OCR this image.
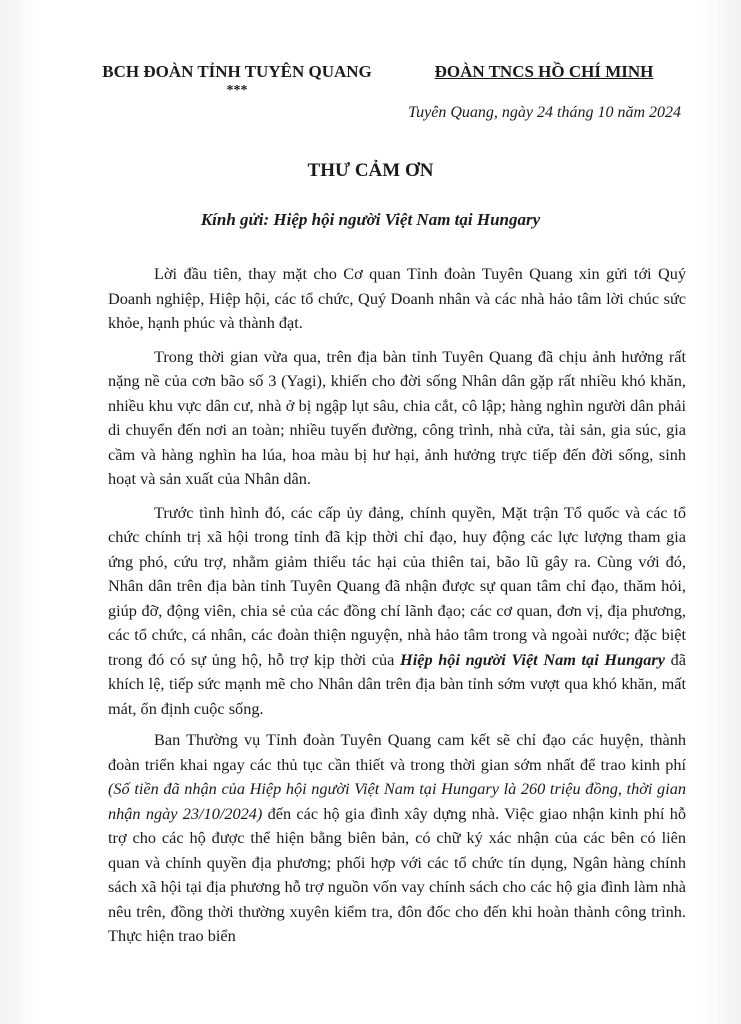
BCH ĐOÀN TỈNH TUYÊN QUANG
***
ĐOÀN TNCS HỒ CHÍ MINH
Tuyên Quang, ngày 24 tháng 10 năm 2024
THƯ CẢM ƠN
Kính gửi: Hiệp hội người Việt Nam tại Hungary

Lời đầu tiên, thay mặt cho Cơ quan Tỉnh đoàn Tuyên Quang xin gửi tới Quý Doanh nghiệp, Hiệp hội, các tổ chức, Quý Doanh nhân và các nhà hảo tâm lời chúc sức khỏe, hạnh phúc và thành đạt.

Trong thời gian vừa qua, trên địa bàn tỉnh Tuyên Quang đã chịu ảnh hưởng rất nặng nề của cơn bão số 3 (Yagi), khiến cho đời sống Nhân dân gặp rất nhiều khó khăn, nhiều khu vực dân cư, nhà ở bị ngập lụt sâu, chia cắt, cô lập; hàng nghìn người dân phải di chuyển đến nơi an toàn; nhiều tuyến đường, công trình, nhà cửa, tài sản, gia súc, gia cầm và hàng nghìn ha lúa, hoa màu bị hư hại, ảnh hưởng trực tiếp đến đời sống, sinh hoạt và sản xuất của Nhân dân.

Trước tình hình đó, các cấp ủy đảng, chính quyền, Mặt trận Tổ quốc và các tổ chức chính trị xã hội trong tỉnh đã kịp thời chỉ đạo, huy động các lực lượng tham gia ứng phó, cứu trợ, nhằm giảm thiểu tác hại của thiên tai, bão lũ gây ra. Cùng với đó, Nhân dân trên địa bàn tỉnh Tuyên Quang đã nhận được sự quan tâm chỉ đạo, thăm hỏi, giúp đỡ, động viên, chia sẻ của các đồng chí lãnh đạo; các cơ quan, đơn vị, địa phương, các tổ chức, cá nhân, các đoàn thiện nguyện, nhà hảo tâm trong và ngoài nước; đặc biệt trong đó có sự ủng hộ, hỗ trợ kịp thời của Hiệp hội người Việt Nam tại Hungary đã khích lệ, tiếp sức mạnh mẽ cho Nhân dân trên địa bàn tỉnh sớm vượt qua khó khăn, mất mát, ổn định cuộc sống.

Ban Thường vụ Tỉnh đoàn Tuyên Quang cam kết sẽ chỉ đạo các huyện, thành đoàn triển khai ngay các thủ tục cần thiết và trong thời gian sớm nhất để trao kinh phí (Số tiền đã nhận của Hiệp hội người Việt Nam tại Hungary là 260 triệu đồng, thời gian nhận ngày 23/10/2024) đến các hộ gia đình xây dựng nhà. Việc giao nhận kinh phí hỗ trợ cho các hộ được thể hiện bằng biên bản, có chữ ký xác nhận của các bên có liên quan và chính quyền địa phương; phối hợp với các tổ chức tín dụng, Ngân hàng chính sách xã hội tại địa phương hỗ trợ nguồn vốn vay chính sách cho các hộ gia đình làm nhà nêu trên, đồng thời thường xuyên kiểm tra, đôn đốc cho đến khi hoàn thành công trình. Thực hiện trao biển
